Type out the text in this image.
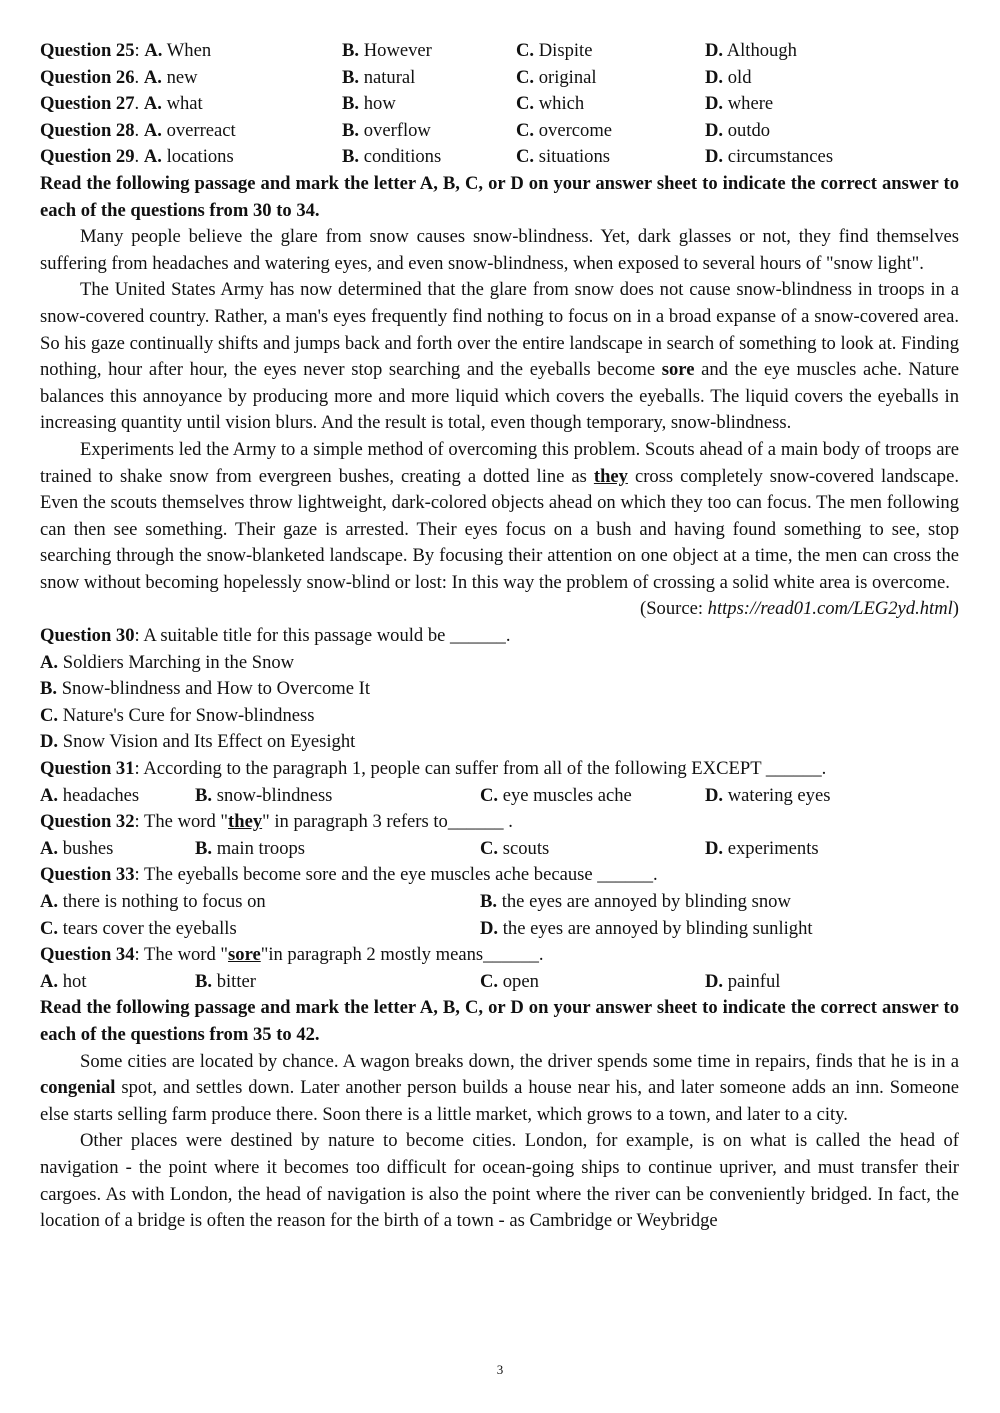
Question 25: A. When	B. However	C. Dispite	D. Although
Question 26. A. new	B. natural	C. original	D. old
Question 27. A. what	B. how	C. which	D. where
Question 28. A. overreact	B. overflow	C. overcome	D. outdo
Question 29. A. locations	B. conditions	C. situations	D. circumstances
Read the following passage and mark the letter A, B, C, or D on your answer sheet to indicate the correct answer to each of the questions from 30 to 34.

Many people believe the glare from snow causes snow-blindness. Yet, dark glasses or not, they find themselves suffering from headaches and watering eyes, and even snow-blindness, when exposed to several hours of "snow light".

The United States Army has now determined that the glare from snow does not cause snow-blindness in troops in a snow-covered country. Rather, a man's eyes frequently find nothing to focus on in a broad expanse of a snow-covered area. So his gaze continually shifts and jumps back and forth over the entire landscape in search of something to look at. Finding nothing, hour after hour, the eyes never stop searching and the eyeballs become sore and the eye muscles ache. Nature balances this annoyance by producing more and more liquid which covers the eyeballs. The liquid covers the eyeballs in increasing quantity until vision blurs. And the result is total, even though temporary, snow-blindness.

Experiments led the Army to a simple method of overcoming this problem. Scouts ahead of a main body of troops are trained to shake snow from evergreen bushes, creating a dotted line as they cross completely snow-covered landscape. Even the scouts themselves throw lightweight, dark-colored objects ahead on which they too can focus. The men following can then see something. Their gaze is arrested. Their eyes focus on a bush and having found something to see, stop searching through the snow-blanketed landscape. By focusing their attention on one object at a time, the men can cross the snow without becoming hopelessly snow-blind or lost: In this way the problem of crossing a solid white area is overcome.

(Source: https://read01.com/LEG2yd.html)
Question 30: A suitable title for this passage would be ______.
A. Soldiers Marching in the Snow
B. Snow-blindness and How to Overcome It
C. Nature's Cure for Snow-blindness
D. Snow Vision and Its Effect on Eyesight
Question 31: According to the paragraph 1, people can suffer from all of the following EXCEPT ______.
A. headaches	B. snow-blindness	C. eye muscles ache	D. watering eyes
Question 32: The word "they" in paragraph 3 refers to______ .
A. bushes	B. main troops	C. scouts	D. experiments
Question 33: The eyeballs become sore and the eye muscles ache because ______.
A. there is nothing to focus on	B. the eyes are annoyed by blinding snow
C. tears cover the eyeballs	D. the eyes are annoyed by blinding sunlight
Question 34: The word "sore"in paragraph 2 mostly means______.
A. hot	B. bitter	C. open	D. painful
Read the following passage and mark the letter A, B, C, or D on your answer sheet to indicate the correct answer to each of the questions from 35 to 42.

Some cities are located by chance. A wagon breaks down, the driver spends some time in repairs, finds that he is in a congenial spot, and settles down. Later another person builds a house near his, and later someone adds an inn. Someone else starts selling farm produce there. Soon there is a little market, which grows to a town, and later to a city.

Other places were destined by nature to become cities. London, for example, is on what is called the head of navigation - the point where it becomes too difficult for ocean-going ships to continue upriver, and must transfer their cargoes. As with London, the head of navigation is also the point where the river can be conveniently bridged. In fact, the location of a bridge is often the reason for the birth of a town - as Cambridge or Weybridge

3
